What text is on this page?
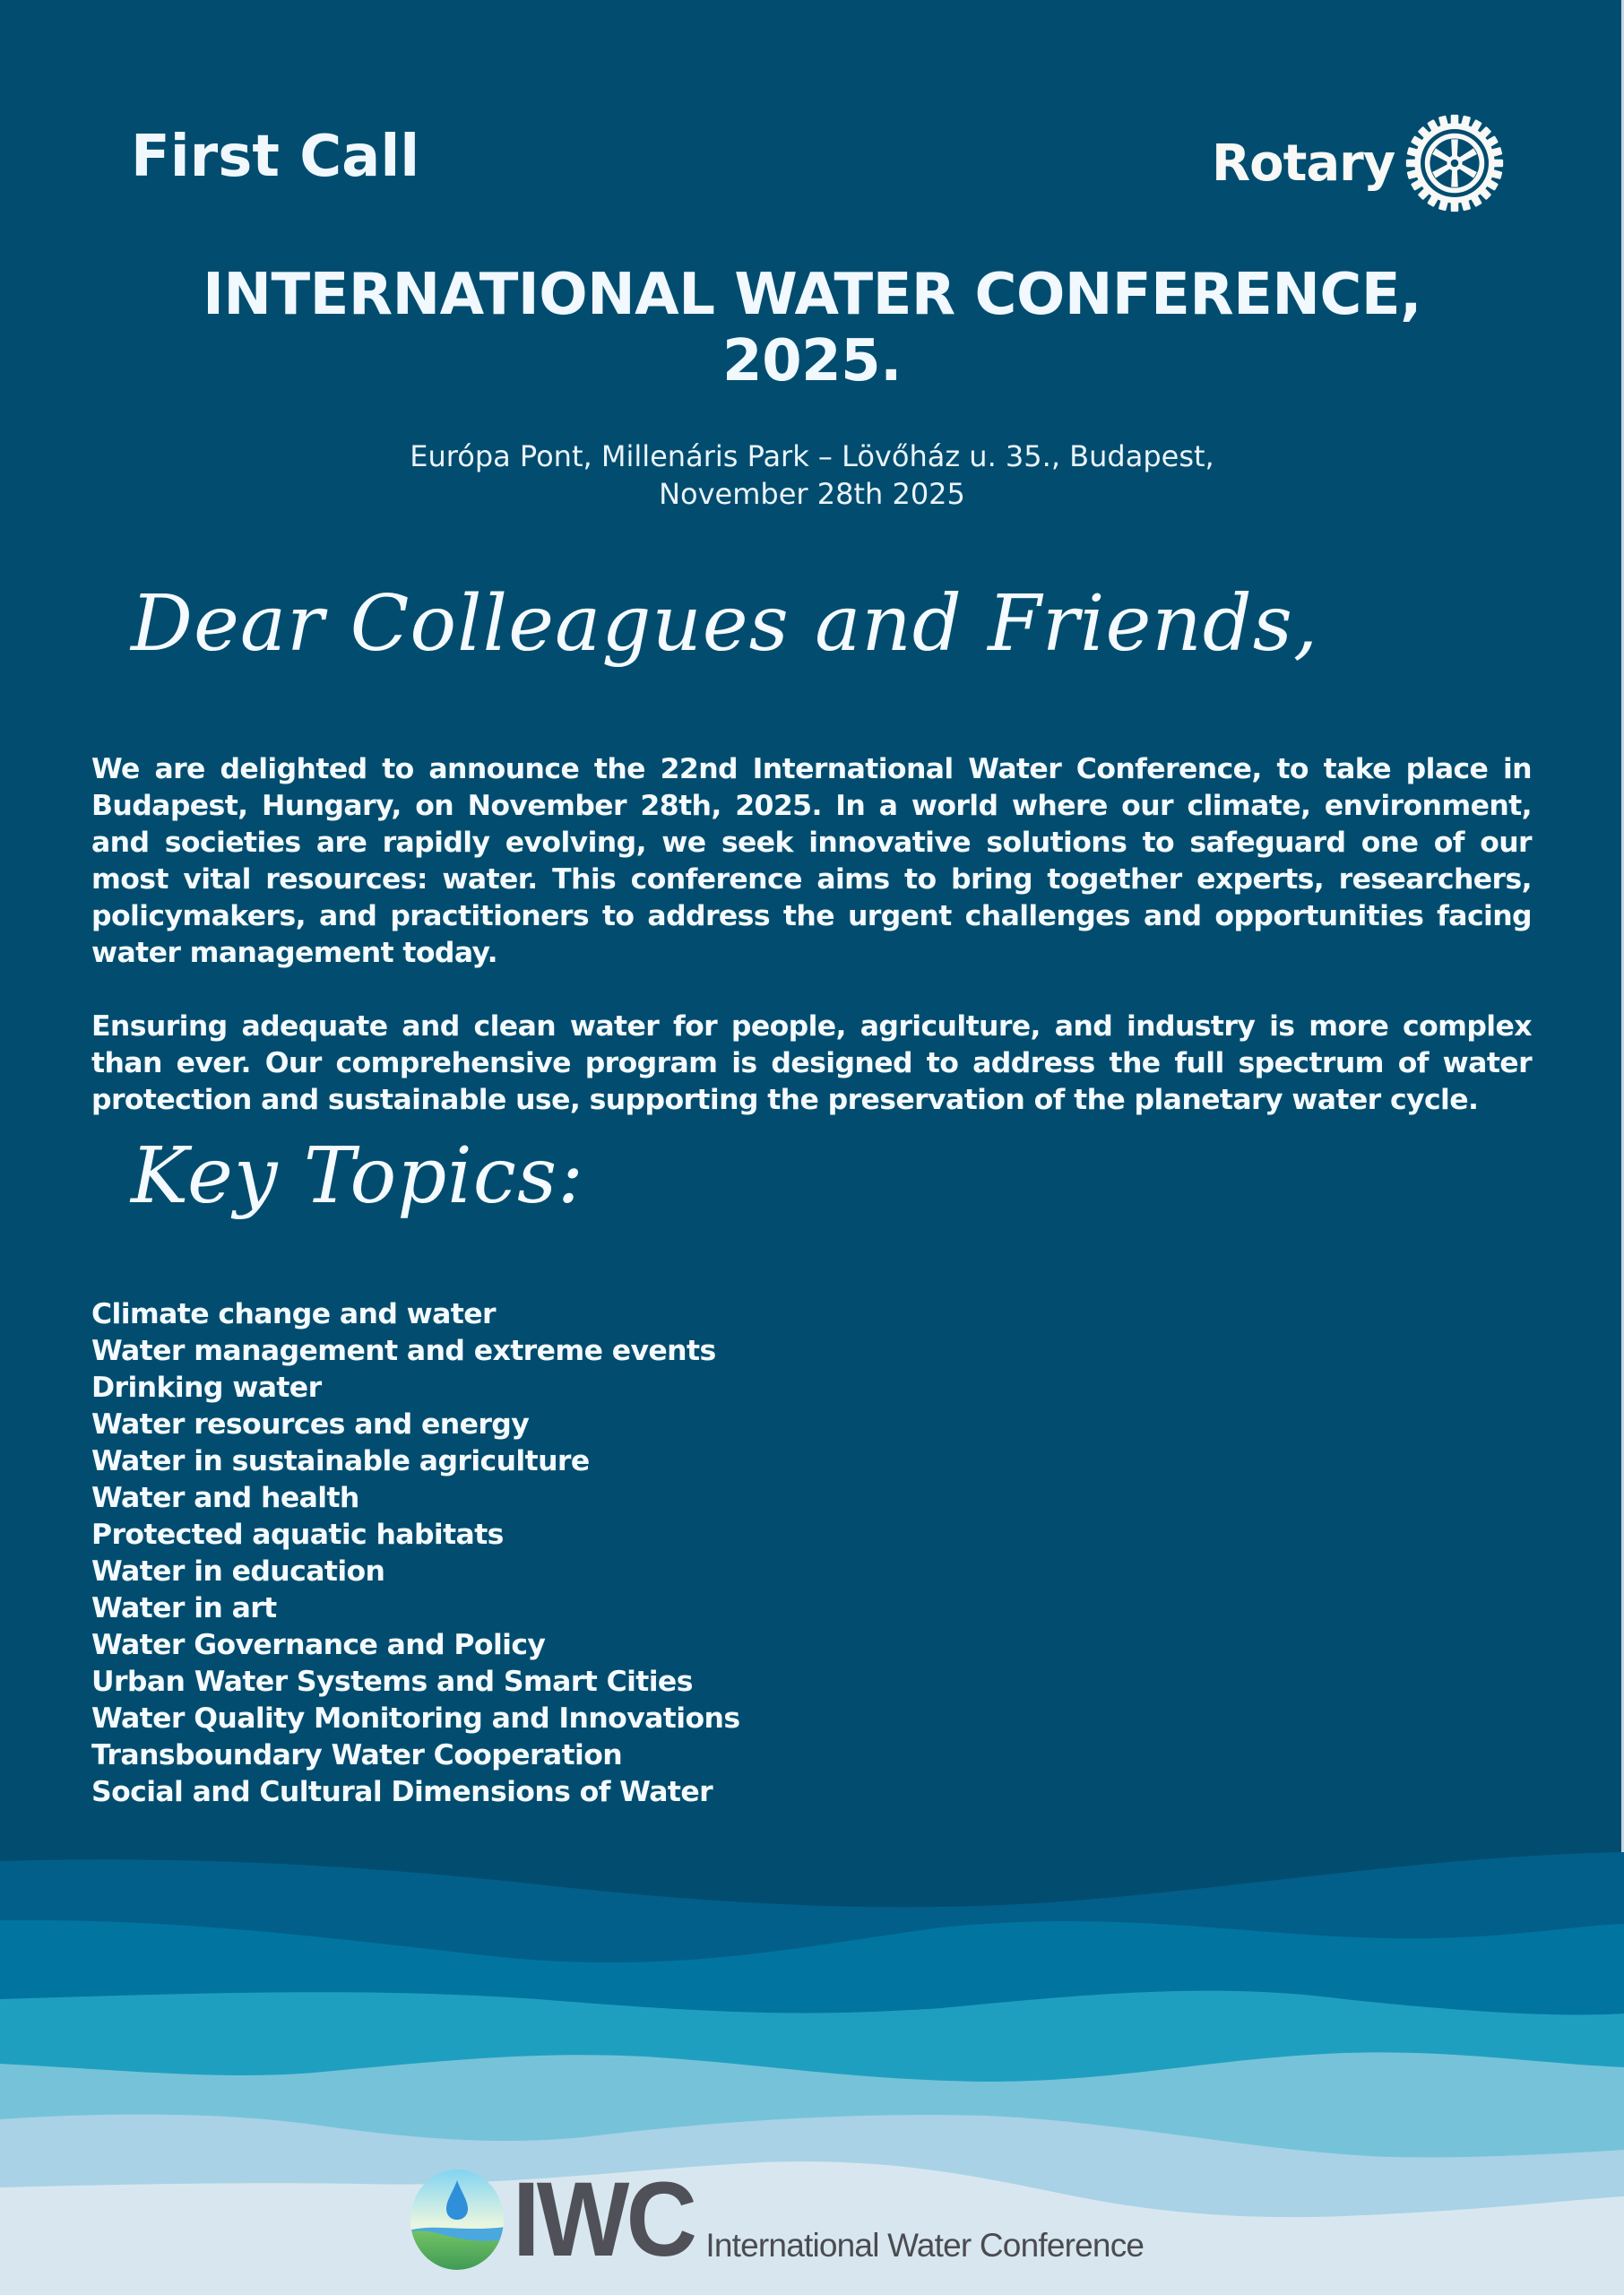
First Call	Rotary
INTERNATIONAL WATER CONFERENCE,
2025.
Európa Pont, Millenáris Park – Lövőház u. 35., Budapest,
November 28th 2025
Dear Colleagues and Friends,

We are delighted to announce the 22nd International Water Conference, to take place in Budapest, Hungary, on November 28th, 2025. In a world where our climate, environment, and societies are rapidly evolving, we seek innovative solutions to safeguard one of our most vital resources: water. This conference aims to bring together experts, researchers, policymakers, and practitioners to address the urgent challenges and opportunities facing water management today.

Ensuring adequate and clean water for people, agriculture, and industry is more complex than ever. Our comprehensive program is designed to address the full spectrum of water protection and sustainable use, supporting the preservation of the planetary water cycle.

Key Topics:
Climate change and water
Water management and extreme events
Drinking water
Water resources and energy
Water in sustainable agriculture
Water and health
Protected aquatic habitats
Water in education
Water in art
Water Governance and Policy
Urban Water Systems and Smart Cities
Water Quality Monitoring and Innovations
Transboundary Water Cooperation
Social and Cultural Dimensions of Water
IWC International Water Conference
